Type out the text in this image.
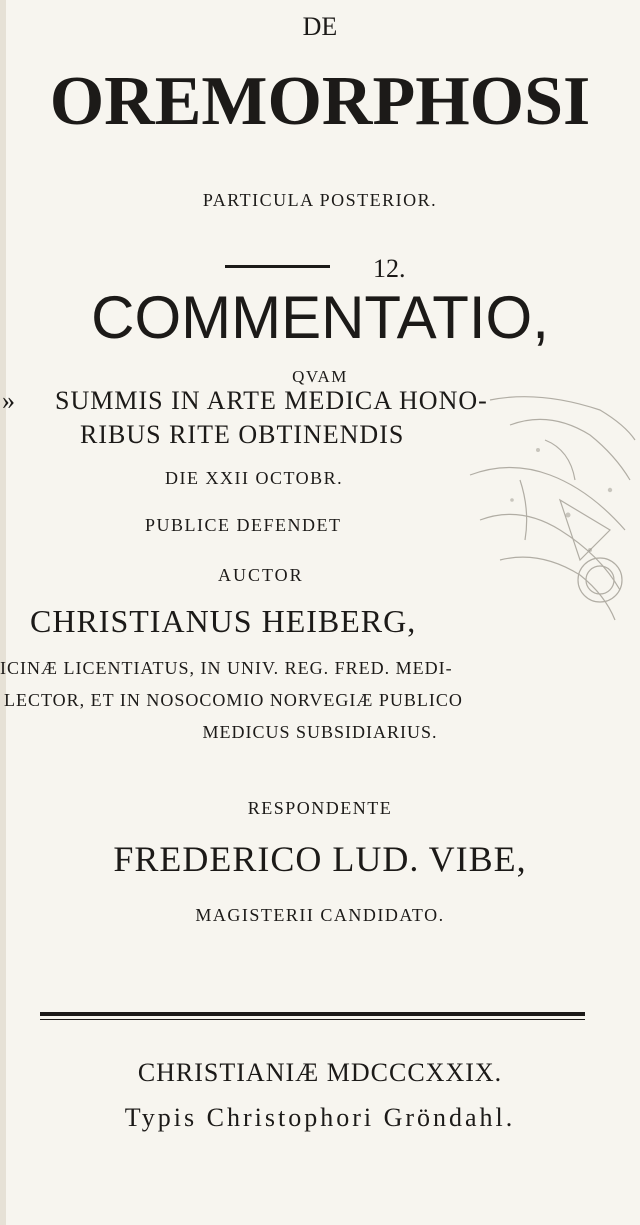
DE
OREMORPHOSI
PARTICULA POSTERIOR.
12.
COMMENTATIO,
QVAM
» SUMMIS IN ARTE MEDICA HONO-
RIBUS RITE OBTINENDIS
DIE XXII OCTOBR.
PUBLICE DEFENDET
AUCTOR
CHRISTIANUS HEIBERG,
ICINÆ LICENTIATUS, IN UNIV. REG. FRED. MEDI-
LECTOR, ET IN NOSOCOMIO NORVEGIÆ PUBLICO
MEDICUS SUBSIDIARIUS.
RESPONDENTE
FREDERICO LUD. VIBE,
MAGISTERII CANDIDATO.
CHRISTIANIÆ MDCCCXXIX.
Typis Christophori Gröndahl.
